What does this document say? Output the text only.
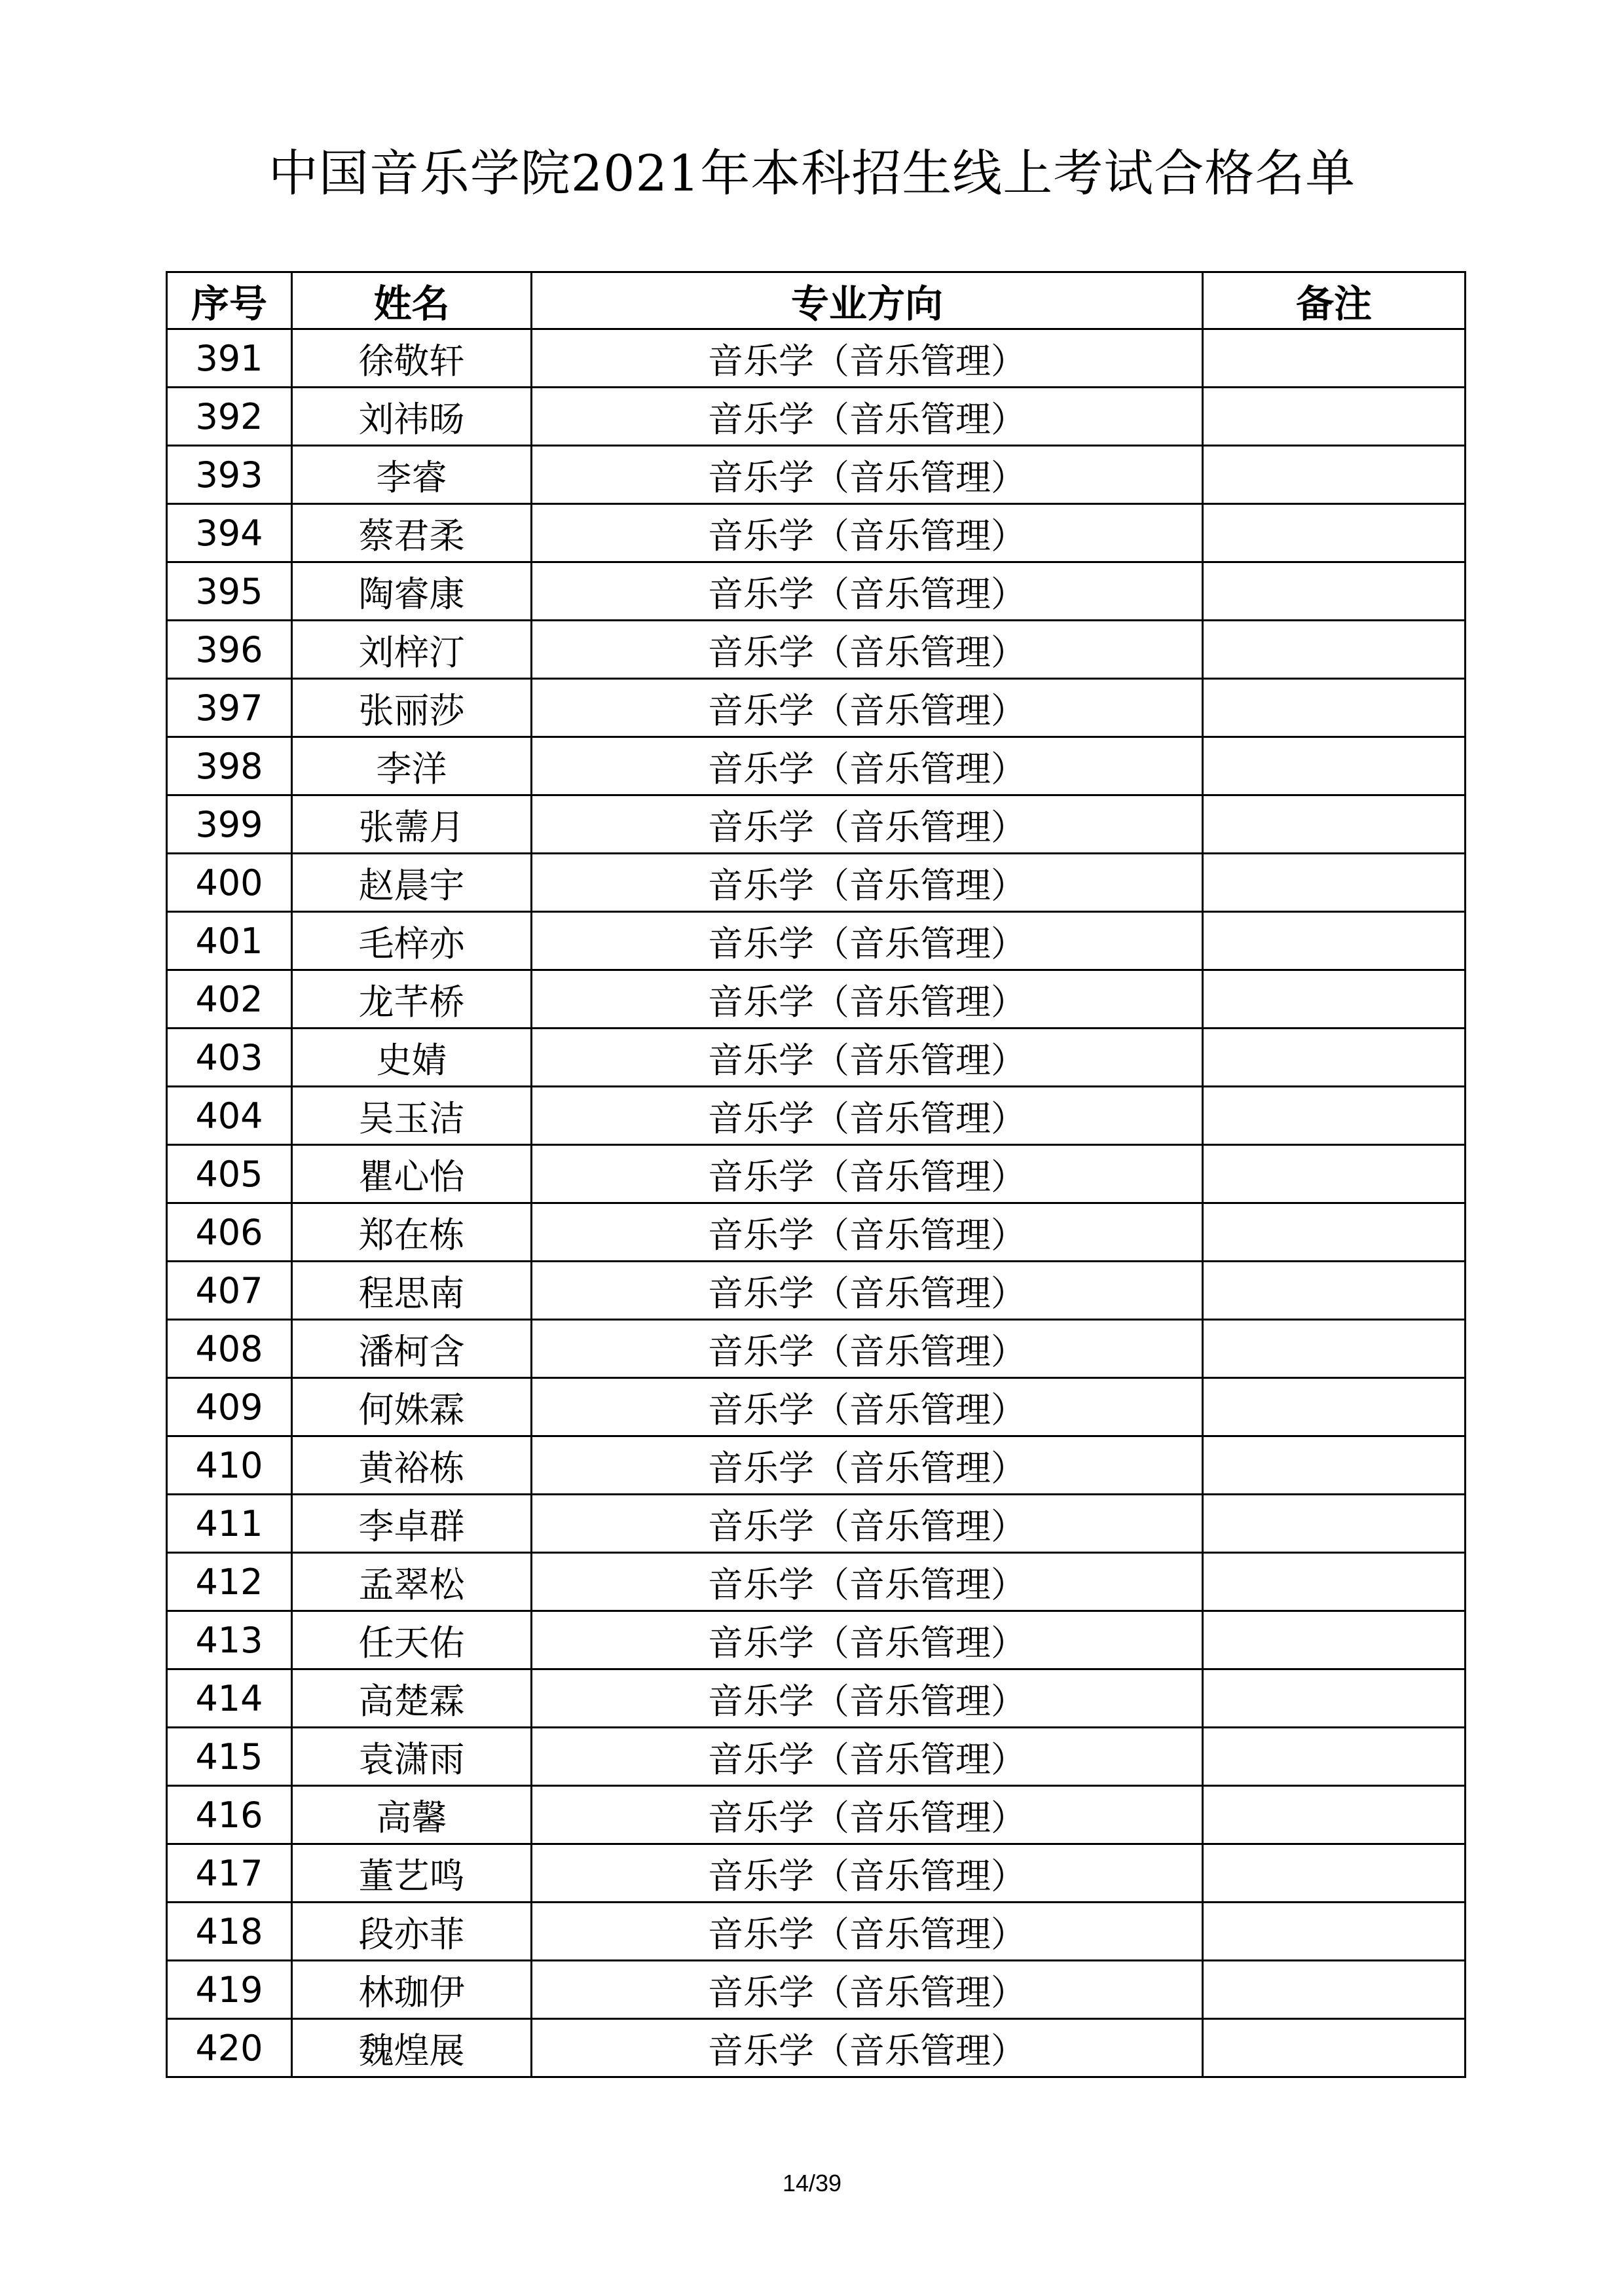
中国音乐学院2021年本科招生线上考试合格名单
序号	姓名	专业方向	备注
391	徐敬轩	音乐学（音乐管理）	
392	刘祎旸	音乐学（音乐管理）	
393	李睿	音乐学（音乐管理）	
394	蔡君柔	音乐学（音乐管理）	
395	陶睿康	音乐学（音乐管理）	
396	刘梓汀	音乐学（音乐管理）	
397	张丽莎	音乐学（音乐管理）	
398	李洋	音乐学（音乐管理）	
399	张薷月	音乐学（音乐管理）	
400	赵晨宇	音乐学（音乐管理）	
401	毛梓亦	音乐学（音乐管理）	
402	龙芊桥	音乐学（音乐管理）	
403	史婧	音乐学（音乐管理）	
404	吴玉洁	音乐学（音乐管理）	
405	瞿心怡	音乐学（音乐管理）	
406	郑在栋	音乐学（音乐管理）	
407	程思南	音乐学（音乐管理）	
408	潘柯含	音乐学（音乐管理）	
409	何姝霖	音乐学（音乐管理）	
410	黄裕栋	音乐学（音乐管理）	
411	李卓群	音乐学（音乐管理）	
412	孟翠松	音乐学（音乐管理）	
413	任天佑	音乐学（音乐管理）	
414	高楚霖	音乐学（音乐管理）	
415	袁潇雨	音乐学（音乐管理）	
416	高馨	音乐学（音乐管理）	
417	董艺鸣	音乐学（音乐管理）	
418	段亦菲	音乐学（音乐管理）	
419	林珈伊	音乐学（音乐管理）	
420	魏煌展	音乐学（音乐管理）	
14/39
